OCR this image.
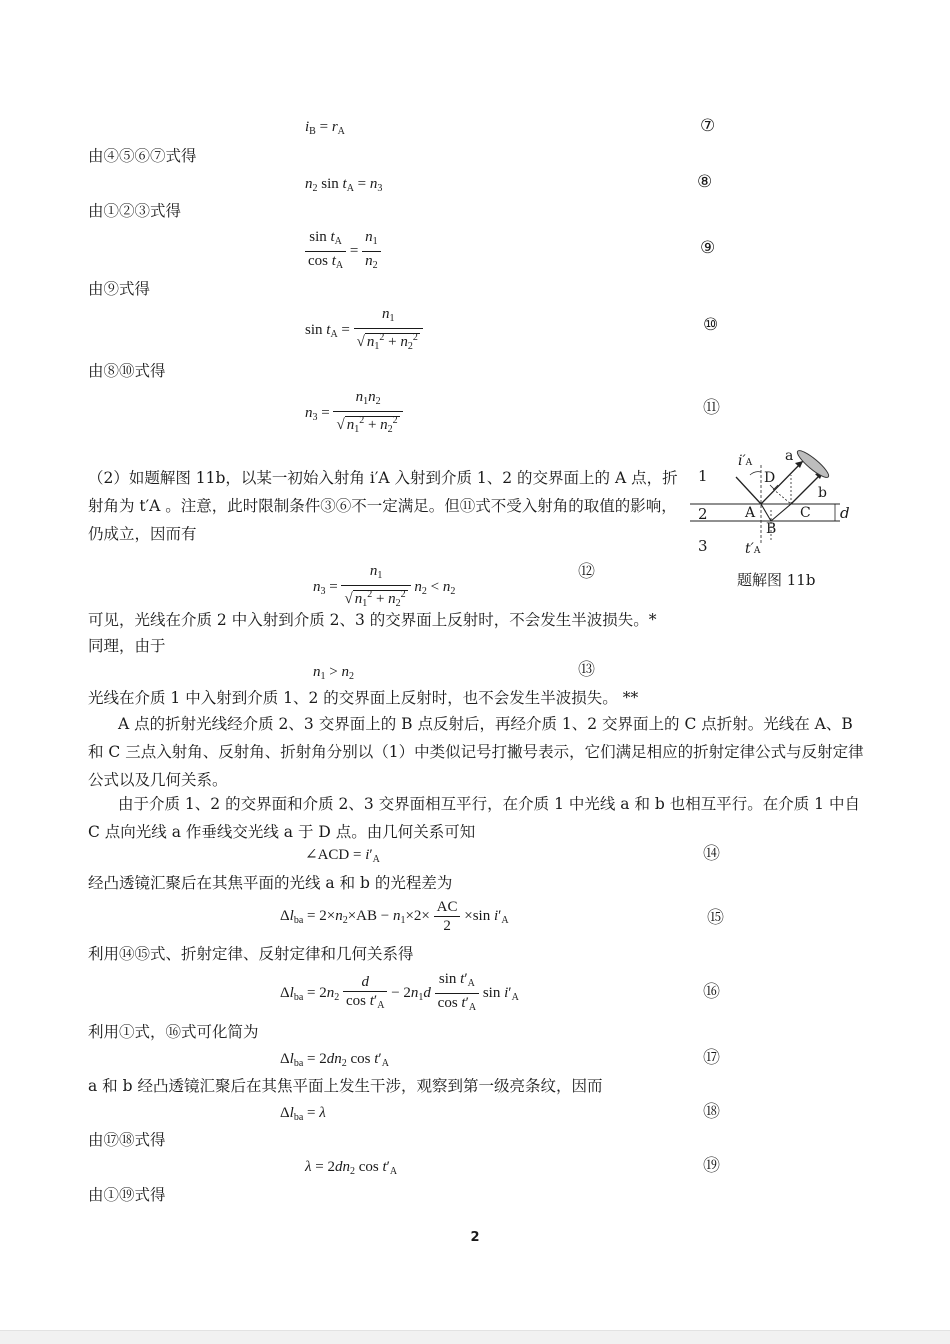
$i_B = r_A$	⑦
由④⑤⑥⑦式得
$n_2$ $\sin t_A = n_3$	⑧
由①②③式得
$\frac{\sin t_A}{\cos t_A} = \frac{n_1}{n_2}$	⑨
由⑨式得
$\sin t_A = \frac{n_1}{√ n_1^2 + n_2^2}$	⑩
由⑧⑩式得
$n_3 = \frac{n_1n_2}{√ n_1^2 + n_2^2}$	⑪
（2）如题解图 11b，以某一初始入射角 i′A 入射到介质 1、2 的交界面上的 A 点，折射角为 t′A 。注意，此时限制条件③⑥不一定满足。但⑪式不受入射角的取值的影响，仍成立，因而有
1
2
3
i′A
t′A
D
a
b
A
B
C d
题解图 11b
$n_3 = \frac{n_1}{√ n_1^2 + n_2^2} n_2 < n_2$
⑫
可见，光线在介质 2 中入射到介质 2、3 的交界面上反射时，不会发生半波损失。*
同理，由于
$n_1 > n_2$	⑬
光线在介质 1 中入射到介质 1、2 的交界面上反射时，也不会发生半波损失。 **
A 点的折射光线经介质 2、3 交界面上的 B 点反射后，再经介质 1、2 交界面上的 C 点折射。光线在 A、B 和 C 三点入射角、反射角、折射角分别以（1）中类似记号打撇号表示，它们满足相应的折射定律公式与反射定律公式以及几何关系。
由于介质 1、2 的交界面和介质 2、3 交界面相互平行，在介质 1 中光线 a 和 b 也相互平行。在介质 1 中自 C 点向光线 a 作垂线交光线 a 于 D 点。由几何关系可知
∠ACD = $i'_A$	⑭
经凸透镜汇聚后在其焦平面的光线 a 和 b 的光程差为
$\Delta l_{ba} = 2\times n_2\times AB - n_1\times 2\times \frac{AC}{2} \times\sin$ $i'_A$	⑮
利用⑭⑮式、折射定律、反射定律和几何关系得
$\Delta l_{ba} = 2n_2 \frac{d}{\cos t'_A} - 2n_1d \frac{\sin t'_A}{\cos t'_A}$ $\sin i'_A$	⑯
利用①式，⑯式可化简为
$\Delta l_{ba} = 2dn_2$ $\cos t'_A$	⑰
a 和 b 经凸透镜汇聚后在其焦平面上发生干涉，观察到第一级亮条纹，因而
$\Delta l_{ba} = \lambda$	⑱
由⑰⑱式得
$\lambda = 2dn_2$ $\cos t'_A$	⑲
由①⑲式得
2
